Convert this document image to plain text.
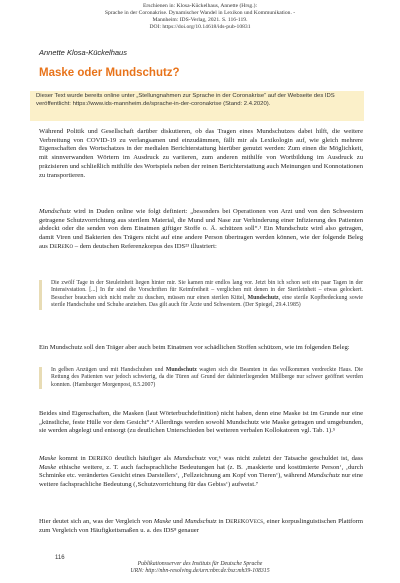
Erschienen in: Klosa-Kückelhaus, Annette (Hrsg.):
Sprache in der Coronakrise. Dynamischer Wandel in Lexikon und Kommunikation. -
Mannheim: IDS-Verlag, 2021. S. 116-119.
DOI: https://doi.org/10.14618/ids-pub-10831
Annette Klosa-Kückelhaus
Maske oder Mundschutz?
Dieser Text wurde bereits online unter „Stellungnahmen zur Sprache in der Coronakrise“ auf der Webseite des IDS veröffentlicht: https://www.ids-mannheim.de/sprache-in-der-coronakrise (Stand: 2.4.2020).

Während Politik und Gesellschaft darüber diskutieren, ob das Tragen eines Mundschutzes dabei hilft, die weitere Verbreitung von COVID-19 zu verlangsamen und einzudämmen, fällt mir als Lexikologin auf, wie gleich mehrere Eigenschaften des Wortschatzes in der medialen Berichterstattung hierüber genutzt werden: Zum einen die Möglichkeit, mit sinnverwandten Wörtern im Ausdruck zu variieren, zum anderen mithilfe von Wortbildung im Ausdruck zu präzisieren und schließlich mithilfe des Wortspiels neben der reinen Berichterstattung auch Meinungen und Konnotationen zu transportieren.

Mundschutz wird in Duden online wie folgt definiert: „besonders bei Operationen von Arzt und von den Schwestern getragene Schutzvorrichtung aus sterilem Material, die Mund und Nase zur Verhinderung einer Infizierung des Patienten abdeckt oder die senden von dem Einatmen giftiger Stoffe o. Ä. schützen soll“.¹ Ein Mundschutz wird also getragen, damit Viren und Bakterien des Trägers nicht auf eine andere Person übertragen werden können, wie der folgende Beleg aus DeReKo – dem deutschen Referenzkorpus des IDS²³ illustriert:

Die zwölf Tage in der Steuleinheit liegen hinter mir. Sie kamen mir endlos lang vor. Jetzt bin ich schon seit ein paar Tagen in der Intensivstation. [...] In ihr sind die Vorschriften für Keimfreiheit – verglichen mit denen in der Sterileinheit – etwas gelockert. Besucher brauchen sich nicht mehr zu duschen, müssen nur einen sterilen Kittel, Mundschutz, eine sterile Kopfbedeckung sowie sterile Handschuhe und Schuhe anziehen. Das gilt auch für Ärzte und Schwestern. (Der Spiegel, 29.4.1985)

Ein Mundschutz soll den Träger aber auch beim Einatmen vor schädlichen Stoffen schützen, wie im folgenden Beleg:

In gelben Anzügen und mit Handschuhen und Mundschutz wagten sich die Beamten in das vollkommen verdreckte Haus. Die Rettung des Patienten war jedoch schwierig, da die Türen auf Grund der dahinterliegenden Müllberge nur schwer geöffnet werden konnten. (Hamburger Morgenpost, 8.5.2007)

Beides sind Eigenschaften, die Masken (laut Wörterbuchdefinition) nicht haben, denn eine Maske ist im Grunde nur eine „künstliche, feste Hülle vor dem Gesicht“.⁴ Allerdings werden sowohl Mundschutz wie Maske getragen und umgebunden, sie werden abgelegt und entsorgt (zu deutlichen Unterschieden bei weiteren verbalen Kollokatoren vgl. Tab. 1).⁵

Maske kommt in DeReKo deutlich häufiger als Mundschutz vor,⁶ was nicht zuletzt der Tatsache geschuldet ist, dass Maske ethische weitere, z. T. auch fachsprachliche Bedeutungen hat (z. B. ‚maskierte und kostümierte Person‘, ‚durch Schminke etc. verändertes Gesicht eines Darstellers‘, ‚Fellzeichnung am Kopf von Tieren‘), während Mundschutz nur eine weitere fachsprachliche Bedeutung (‚Schutzvorrichtung für das Gebiss‘) aufweist.⁷

Hier deutet sich an, was der Vergleich von Maske und Mundschutz in DeReKoVecs, einer korpuslinguistischen Plattform zum Vergleich von Häufigkeitsmaßen u. a. des IDS⁸ genauer

116
Publikationsserver des Instituts für Deutsche Sprache
URN: http://nbn-resolving.de/urn:nbn:de:bsz:mh39-108315
